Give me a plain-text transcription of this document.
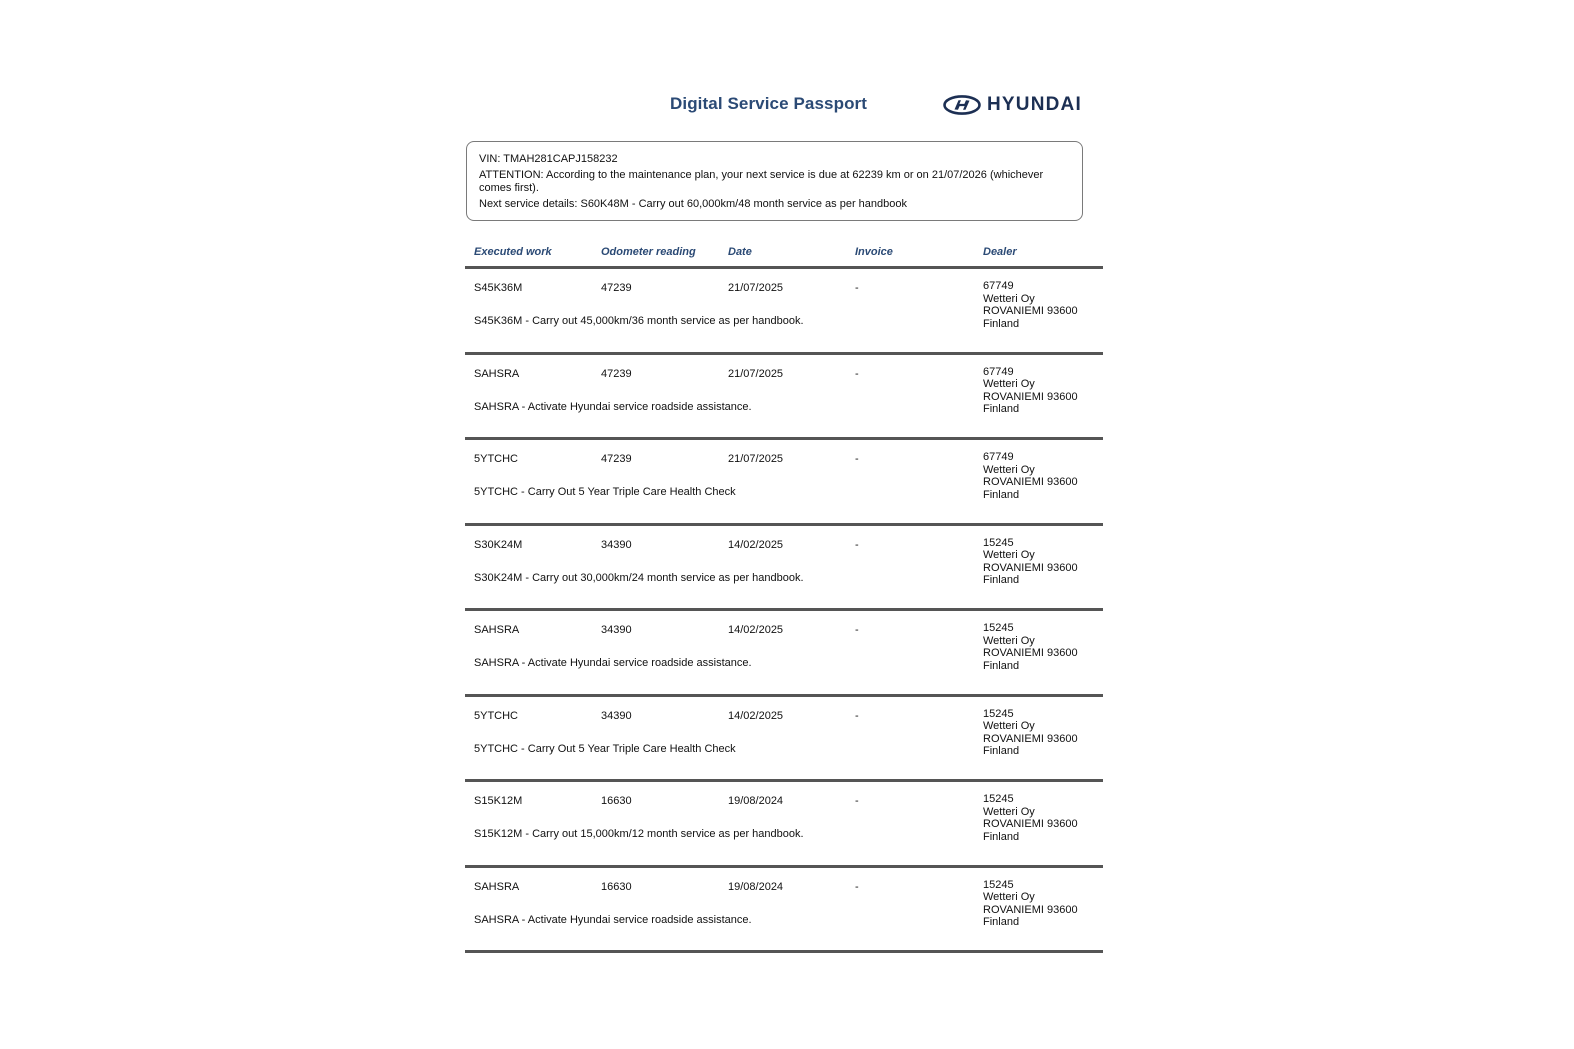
Digital Service Passport	HYUNDAI
VIN: TMAH281CAPJ158232
ATTENTION: According to the maintenance plan, your next service is due at 62239 km or on 21/07/2026 (whichever comes first).
Next service details: S60K48M - Carry out 60,000km/48 month service as per handbook
Executed work	Odometer reading	Date	Invoice	Dealer
S45K36M	47239	21/07/2025	-	67749
Wetteri Oy
ROVANIEMI 93600
Finland
S45K36M - Carry out 45,000km/36 month service as per handbook.
SAHSRA	47239	21/07/2025	-	67749
Wetteri Oy
ROVANIEMI 93600
Finland
SAHSRA - Activate Hyundai service roadside assistance.
5YTCHC	47239	21/07/2025	-	67749
Wetteri Oy
ROVANIEMI 93600
Finland
5YTCHC - Carry Out 5 Year Triple Care Health Check
S30K24M	34390	14/02/2025	-	15245
Wetteri Oy
ROVANIEMI 93600
Finland
S30K24M - Carry out 30,000km/24 month service as per handbook.
SAHSRA	34390	14/02/2025	-	15245
Wetteri Oy
ROVANIEMI 93600
Finland
SAHSRA - Activate Hyundai service roadside assistance.
5YTCHC	34390	14/02/2025	-	15245
Wetteri Oy
ROVANIEMI 93600
Finland
5YTCHC - Carry Out 5 Year Triple Care Health Check
S15K12M	16630	19/08/2024	-	15245
Wetteri Oy
ROVANIEMI 93600
Finland
S15K12M - Carry out 15,000km/12 month service as per handbook.
SAHSRA	16630	19/08/2024	-	15245
Wetteri Oy
ROVANIEMI 93600
Finland
SAHSRA - Activate Hyundai service roadside assistance.
